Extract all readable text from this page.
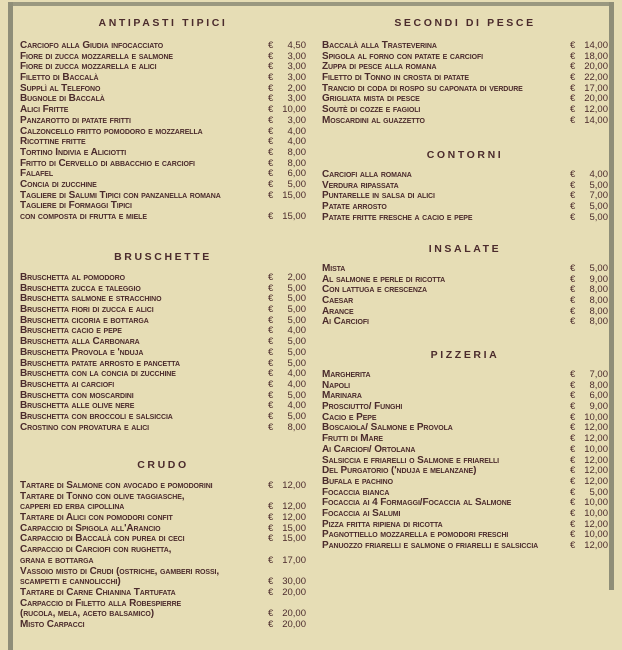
ANTIPASTI TIPICI
Carciofo alla Giudia infocacciato	€	4,50
Fiore di zucca mozzarella e salmone	€	3,00
Fiore di zucca mozzarella e alici	€	3,00
Filetto di Baccalà	€	3,00
Supplì al Telefono	€	2,00
Bugnole di Baccalà	€	3,00
Alici Fritte	€ 10,00
Panzarotto di patate fritti	€	3,00
Calzoncello fritto pomodoro e mozzarella	€	4,00
Ricottine fritte	€	4,00
Tortino Indivia e Aliciotti	€	8,00
Fritto di Cervello di abbacchio e carciofi	€	8,00
Falafel	€	6,00
Concia di zucchine	€	5,00
Tagliere di Salumi Tipici con panzanella romana	€ 15,00
Tagliere di Formaggi Tipici
con composta di frutta e miele	€ 15,00
BRUSCHETTE
Bruschetta al pomodoro	€	2,00
Bruschetta zucca e taleggio	€	5,00
Bruschetta salmone e stracchino	€	5,00
Bruschetta fiori di zucca e alici	€	5,00
Bruschetta cicoria e bottarga	€	5,00
Bruschetta cacio e pepe	€	4,00
Bruschetta alla Carbonara	€	5,00
Bruschetta Provola e 'nduja	€	5,00
Bruschetta patate arrosto e pancetta	€	5,00
Bruschetta con la concia di zucchine	€	4,00
Bruschetta ai carciofi	€	4,00
Bruschetta con moscardini	€	5,00
Bruschetta alle olive nere	€	4,00
Bruschetta con broccoli e salsiccia	€	5,00
Crostino con provatura e alici	€	8,00
CRUDO
Tartare di Salmone con avocado e pomodorini	€ 12,00
Tartare di Tonno con olive taggiasche,
capperi ed erba cipollina	€ 12,00
Tartare di Alici con pomodori confit	€ 12,00
Carpaccio di Spigola all'Arancio	€ 15,00
Carpaccio di Baccalà con purea di ceci	€ 15,00
Carpaccio di Carciofi con rughetta,
grana e bottarga	€ 17,00
Vassoio misto di Crudi (ostriche, gamberi rossi,
scampetti e cannolicchi)	€ 30,00
Tartare di Carne Chianina Tartufata	€ 20,00
Carpaccio di Filetto alla Robespierre
(rucola, mela, aceto balsamico)	€ 20,00
Misto Carpacci	€ 20,00
SECONDI DI PESCE
Baccalà alla Trasteverina	€ 14,00
Spigola al forno con patate e carciofi	€ 18,00
Zuppa di pesce alla romana	€ 20,00
Filetto di Tonno in crosta di patate	€ 22,00
Trancio di coda di rospo su caponata di verdure	€ 17,00
Grigliata mista di pesce	€ 20,00
Soutè di cozze e fagioli	€ 12,00
Moscardini al guazzetto	€ 14,00
CONTORNI
Carciofi alla romana	€	4,00
Verdura ripassata	€	5,00
Puntarelle in salsa di alici	€	7,00
Patate arrosto	€	5,00
Patate fritte fresche a cacio e pepe	€	5,00
INSALATE
Mista	€	5,00
Al salmone e perle di ricotta	€	9,00
Con lattuga e crescenza	€	8,00
Caesar	€	8,00
Arance	€	8,00
Ai Carciofi	€	8,00
PIZZERIA
Margherita	€	7,00
Napoli	€	8,00
Marinara	€	6,00
Prosciutto/ Funghi	€	9,00
Cacio e Pepe	€ 10,00
Boscaiola/ Salmone e Provola	€ 12,00
Frutti di Mare	€ 12,00
Ai Carciofi/ Ortolana	€ 10,00
Salsiccia e friarelli o Salmone e friarelli	€ 12,00
Del Purgatorio ('nduja e melanzane)	€ 12,00
Bufala e pachino	€ 12,00
Focaccia bianca	€	5,00
Focaccia ai 4 Formaggi/Focaccia al Salmone	€ 10,00
Focaccia ai Salumi	€ 10,00
Pizza fritta ripiena di ricotta	€ 12,00
Pagnottiello mozzarella e pomodori freschi	€ 10,00
Panuozzo friarelli e salmone o friarelli e salsiccia	€ 12,00
